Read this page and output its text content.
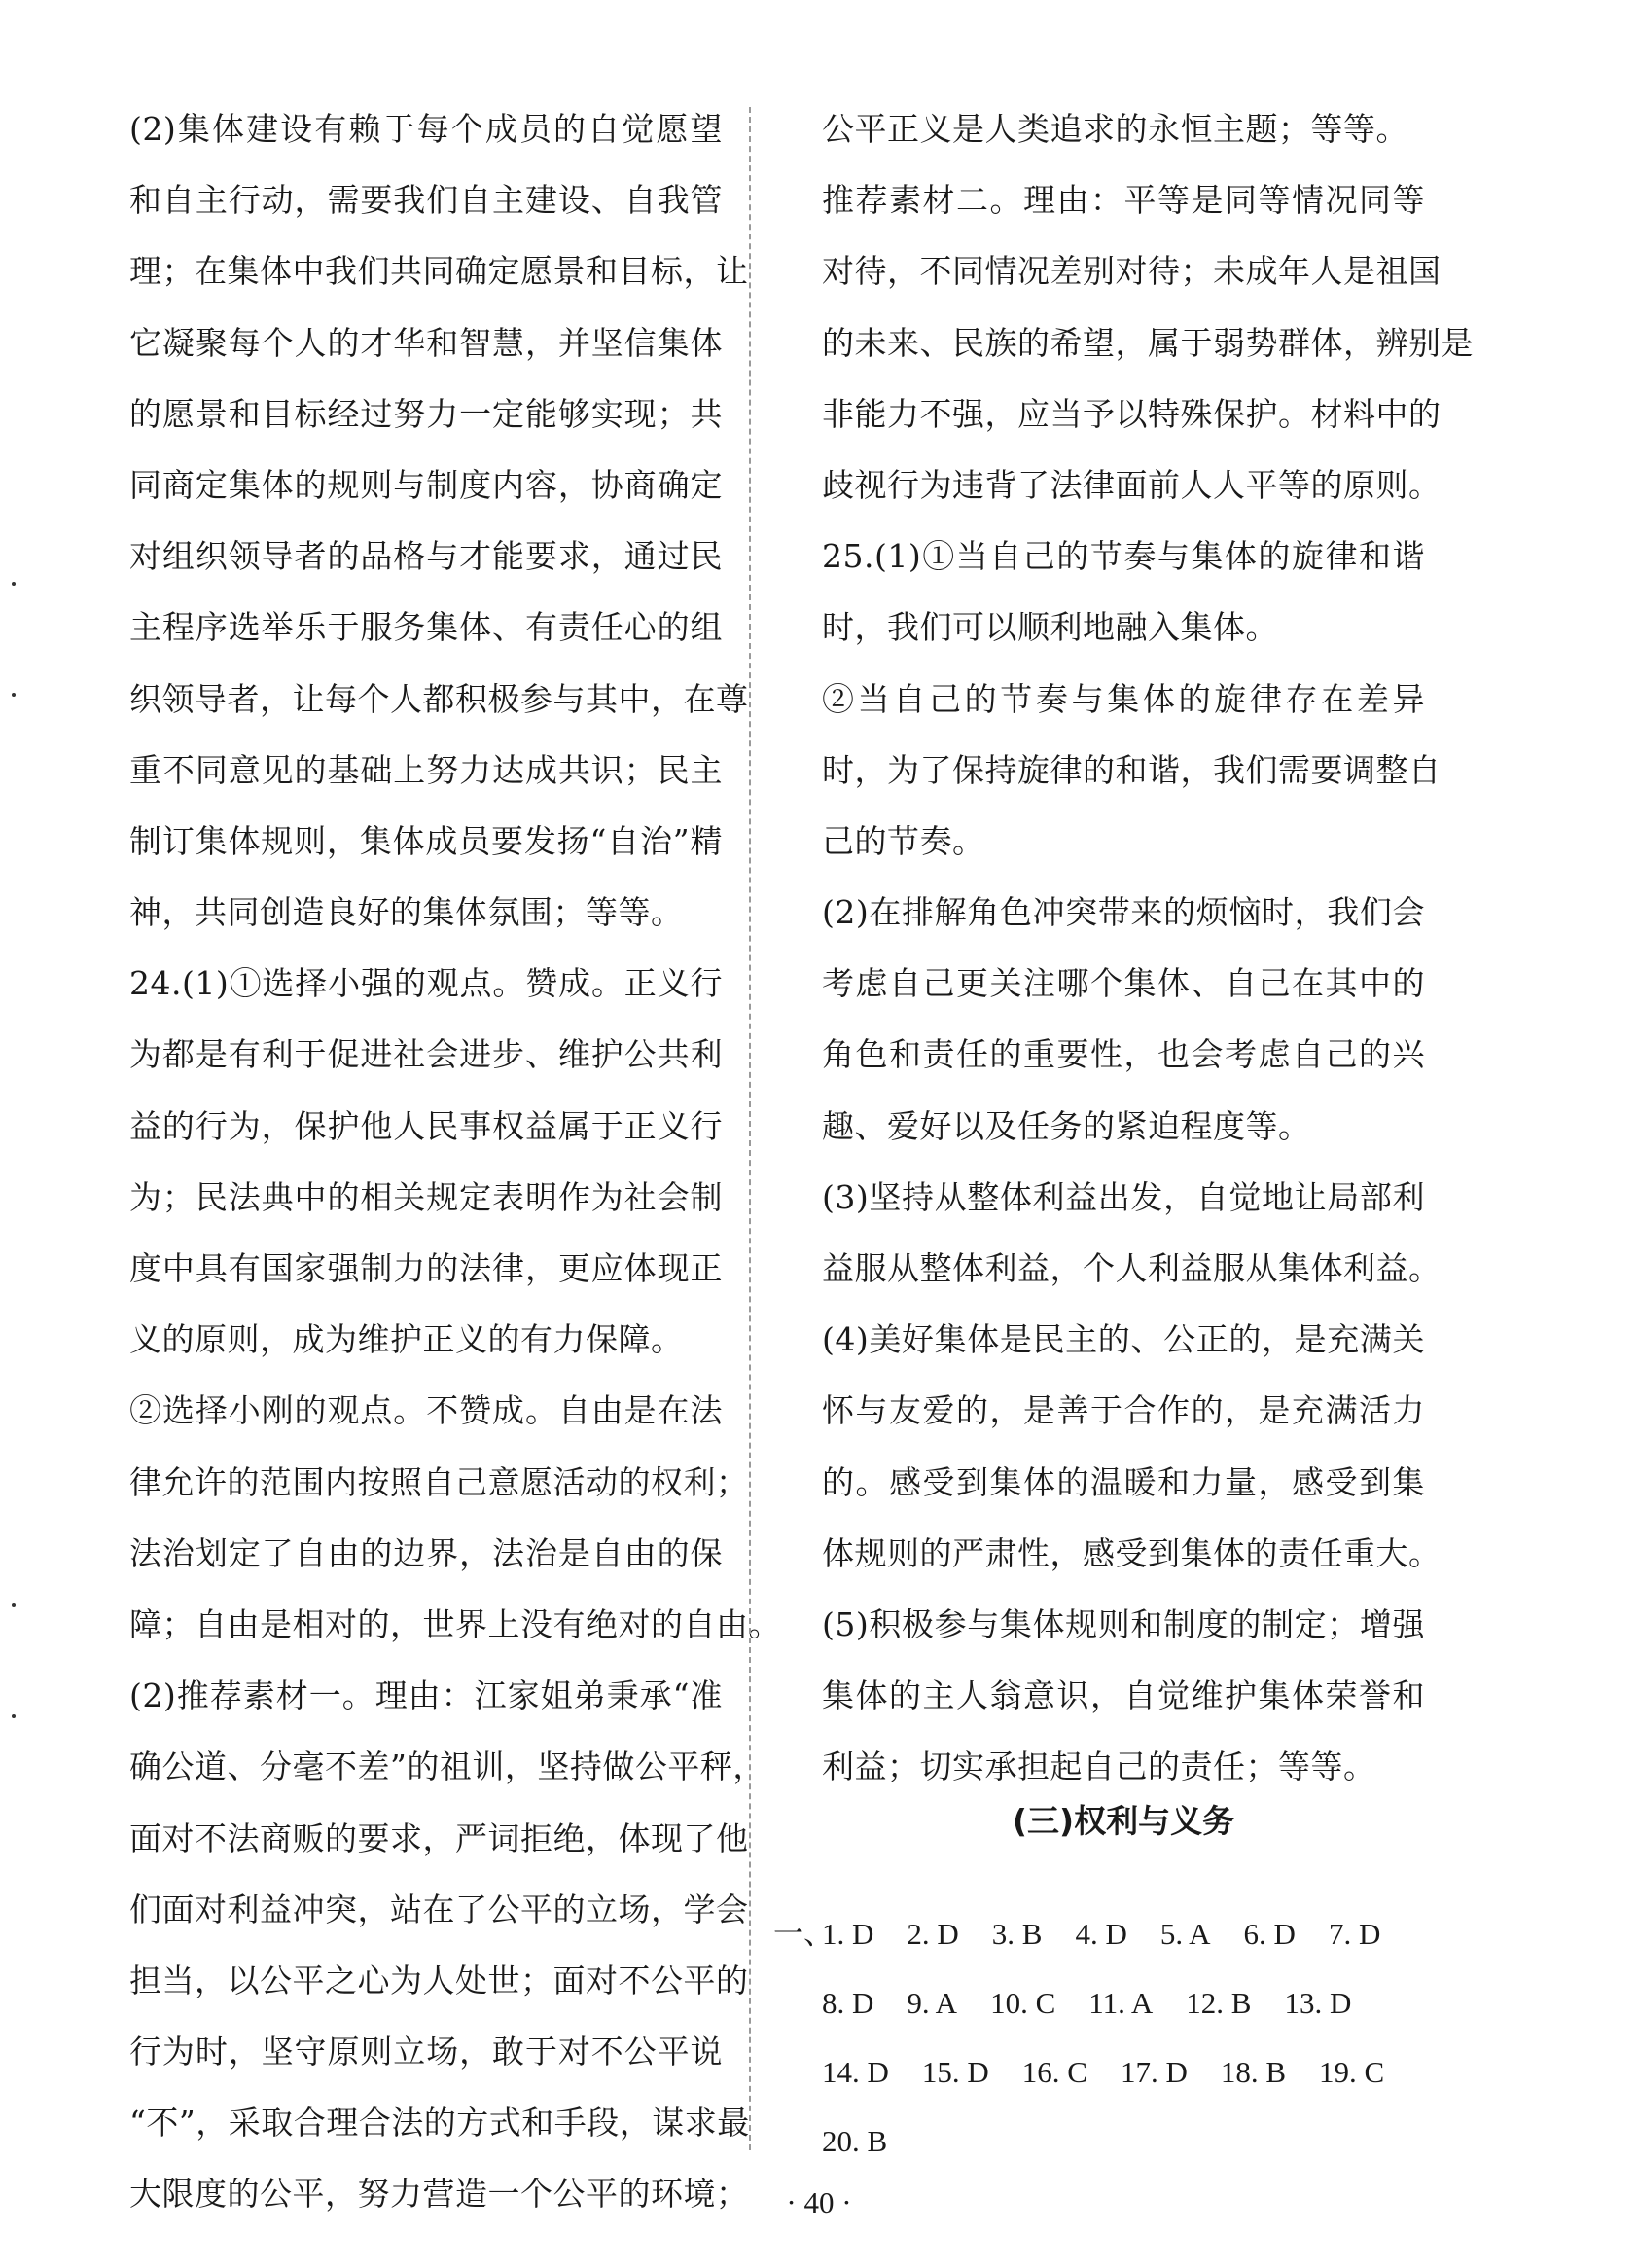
(2)集体建设有赖于每个成员的自觉愿望
和自主行动，需要我们自主建设、自我管
理；在集体中我们共同确定愿景和目标，让
它凝聚每个人的才华和智慧，并坚信集体
的愿景和目标经过努力一定能够实现；共
同商定集体的规则与制度内容，协商确定
对组织领导者的品格与才能要求，通过民
主程序选举乐于服务集体、有责任心的组
织领导者，让每个人都积极参与其中，在尊
重不同意见的基础上努力达成共识；民主
制订集体规则，集体成员要发扬“自治”精
神，共同创造良好的集体氛围；等等。
24.(1)①选择小强的观点。赞成。正义行
为都是有利于促进社会进步、维护公共利
益的行为，保护他人民事权益属于正义行
为；民法典中的相关规定表明作为社会制
度中具有国家强制力的法律，更应体现正
义的原则，成为维护正义的有力保障。
②选择小刚的观点。不赞成。自由是在法
律允许的范围内按照自己意愿活动的权利；
法治划定了自由的边界，法治是自由的保
障；自由是相对的，世界上没有绝对的自由。
(2)推荐素材一。理由：江家姐弟秉承“准
确公道、分毫不差”的祖训，坚持做公平秤，
面对不法商贩的要求，严词拒绝，体现了他
们面对利益冲突，站在了公平的立场，学会
担当，以公平之心为人处世；面对不公平的
行为时，坚守原则立场，敢于对不公平说
“不”，采取合理合法的方式和手段，谋求最
大限度的公平，努力营造一个公平的环境；
公平正义是人类追求的永恒主题；等等。
推荐素材二。理由：平等是同等情况同等
对待，不同情况差别对待；未成年人是祖国
的未来、民族的希望，属于弱势群体，辨别是
非能力不强，应当予以特殊保护。材料中的
歧视行为违背了法律面前人人平等的原则。
25.(1)①当自己的节奏与集体的旋律和谐
时，我们可以顺利地融入集体。
②当自己的节奏与集体的旋律存在差异
时，为了保持旋律的和谐，我们需要调整自
己的节奏。
(2)在排解角色冲突带来的烦恼时，我们会
考虑自己更关注哪个集体、自己在其中的
角色和责任的重要性，也会考虑自己的兴
趣、爱好以及任务的紧迫程度等。
(3)坚持从整体利益出发，自觉地让局部利
益服从整体利益，个人利益服从集体利益。
(4)美好集体是民主的、公正的，是充满关
怀与友爱的，是善于合作的，是充满活力
的。感受到集体的温暖和力量，感受到集
体规则的严肃性，感受到集体的责任重大。
(5)积极参与集体规则和制度的制定；增强
集体的主人翁意识，自觉维护集体荣誉和
利益；切实承担起自己的责任；等等。
(三)权利与义务
一、1. D 2. D 3. B 4. D 5. A 6. D 7. D
8. D 9. A 10. C 11. A 12. B 13. D
14. D 15. D 16. C 17. D 18. B 19. C
20. B
· 40 ·
